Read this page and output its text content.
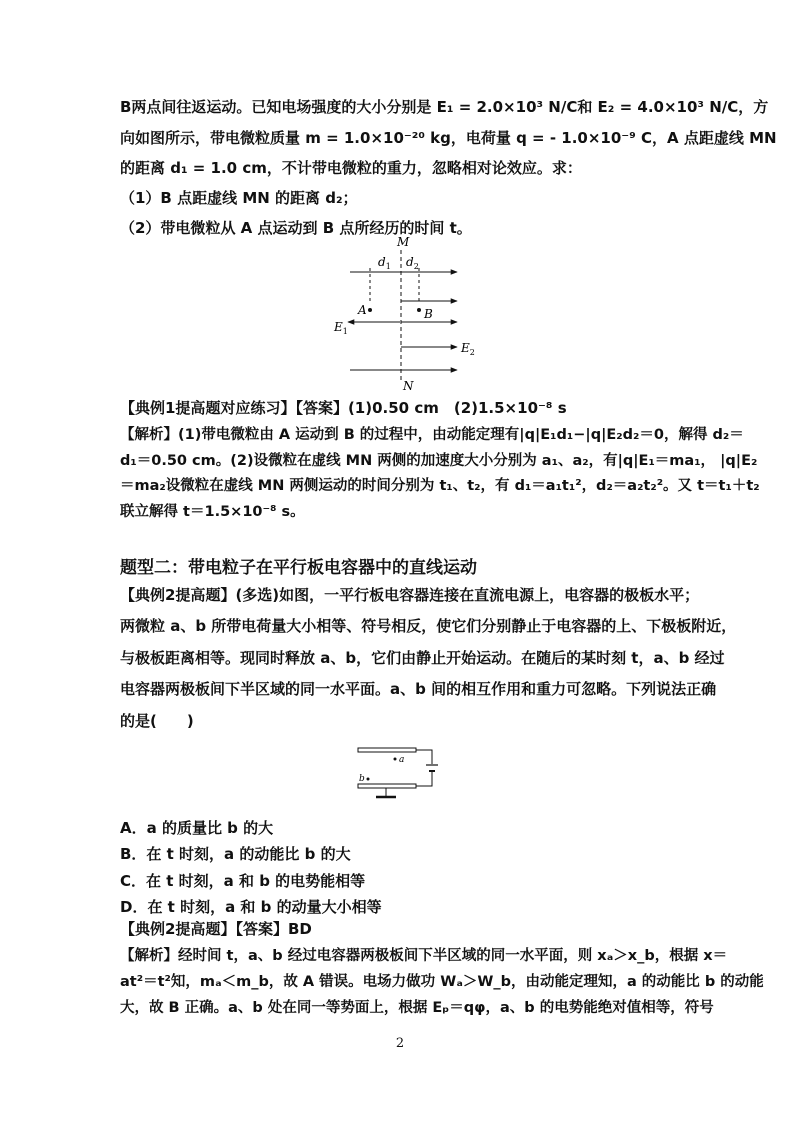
B两点间往返运动。已知电场强度的大小分别是 E₁ = 2.0×10³ N/C和 E₂ = 4.0×10³ N/C，方
向如图所示，带电微粒质量 m = 1.0×10⁻²⁰ kg，电荷量 q = - 1.0×10⁻⁹ C，A 点距虚线 MN
的距离 d₁ = 1.0 cm，不计带电微粒的重力，忽略相对论效应。求：
（1）B 点距虚线 MN 的距离 d₂；
（2）带电微粒从 A 点运动到 B 点所经历的时间 t。
M
N
$d_1$ $d_2$
A	B
$E_1$
$E_2$
【典例1提高题对应练习】【答案】(1)0.50 cm　(2)1.5×10⁻⁸ s
【解析】(1)带电微粒由 A 运动到 B 的过程中，由动能定理有|q|E₁d₁−|q|E₂d₂＝0，解得 d₂＝
d₁＝0.50 cm。(2)设微粒在虚线 MN 两侧的加速度大小分别为 a₁、a₂，有|q|E₁＝ma₁， |q|E₂
＝ma₂设微粒在虚线 MN 两侧运动的时间分别为 t₁、t₂，有 d₁＝a₁t₁²，d₂＝a₂t₂²。又 t＝t₁＋t₂
联立解得 t＝1.5×10⁻⁸ s。
题型二：带电粒子在平行板电容器中的直线运动
【典例2提高题】(多选)如图，一平行板电容器连接在直流电源上，电容器的极板水平；
两微粒 a、b 所带电荷量大小相等、符号相反，使它们分别静止于电容器的上、下极板附近，
与极板距离相等。现同时释放 a、b，它们由静止开始运动。在随后的某时刻 t，a、b 经过
电容器两极板间下半区域的同一水平面。a、b 间的相互作用和重力可忽略。下列说法正确
的是(　　)
a
b
A．a 的质量比 b 的大
B．在 t 时刻，a 的动能比 b 的大
C．在 t 时刻，a 和 b 的电势能相等
D．在 t 时刻，a 和 b 的动量大小相等
【典例2提高题】【答案】BD
【解析】经时间 t，a、b 经过电容器两极板间下半区域的同一水平面，则 xₐ＞x_b，根据 x＝
at²＝t²知，mₐ＜m_b，故 A 错误。电场力做功 Wₐ＞W_b，由动能定理知，a 的动能比 b 的动能
大，故 B 正确。a、b 处在同一等势面上，根据 Eₚ＝qφ，a、b 的电势能绝对值相等，符号
2
